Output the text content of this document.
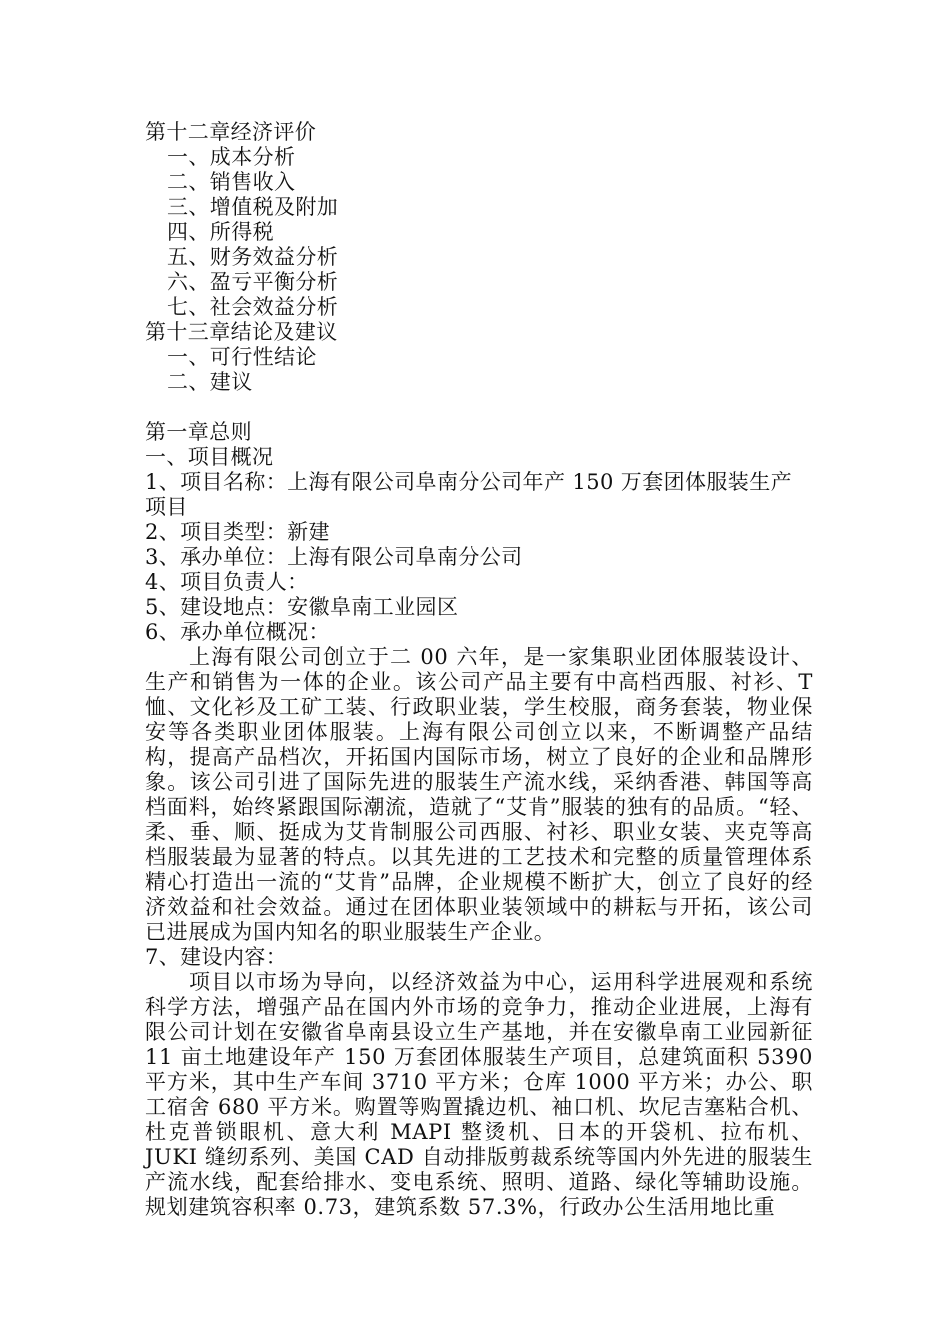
第十二章经济评价
一、成本分析
二、销售收入
三、增值税及附加
四、所得税
五、财务效益分析
六、盈亏平衡分析
七、社会效益分析
第十三章结论及建议
一、可行性结论
二、建议
第一章总则
一、项目概况
1、项目名称：上海有限公司阜南分公司年产 150 万套团体服装生产
项目
2、项目类型：新建
3、承办单位：上海有限公司阜南分公司
4、项目负责人：
5、建设地点：安徽阜南工业园区
6、承办单位概况：

上海有限公司创立于二 00 六年，是一家集职业团体服装设计、生产和销售为一体的企业。该公司产品主要有中高档西服、衬衫、T恤、文化衫及工矿工装、行政职业装，学生校服，商务套装，物业保安等各类职业团体服装。上海有限公司创立以来，不断调整产品结构，提高产品档次，开拓国内国际市场，树立了良好的企业和品牌形象。该公司引进了国际先进的服装生产流水线，采纳香港、韩国等高档面料，始终紧跟国际潮流，造就了“艾肯”服装的独有的品质。“轻、柔、垂、顺、挺成为艾肯制服公司西服、衬衫、职业女装、夹克等高档服装最为显著的特点。以其先进的工艺技术和完整的质量管理体系精心打造出一流的“艾肯”品牌，企业规模不断扩大，创立了良好的经济效益和社会效益。通过在团体职业装领域中的耕耘与开拓，该公司已进展成为国内知名的职业服装生产企业。

7、建设内容：

项目以市场为导向，以经济效益为中心，运用科学进展观和系统科学方法，增强产品在国内外市场的竞争力，推动企业进展，上海有限公司计划在安徽省阜南县设立生产基地，并在安徽阜南工业园新征 11 亩土地建设年产 150 万套团体服装生产项目，总建筑面积 5390 平方米，其中生产车间 3710 平方米；仓库 1000 平方米；办公、职工宿舍 680 平方米。购置等购置撬边机、袖口机、坎尼吉塞粘合机、杜克普锁眼机、意大利 MAPI 整烫机、日本的开袋机、拉布机、JUKI 缝纫系列、美国 CAD 自动排版剪裁系统等国内外先进的服装生产流水线，配套给排水、变电系统、照明、道路、绿化等辅助设施。规划建筑容积率 0.73，建筑系数 57.3%，行政办公生活用地比重
